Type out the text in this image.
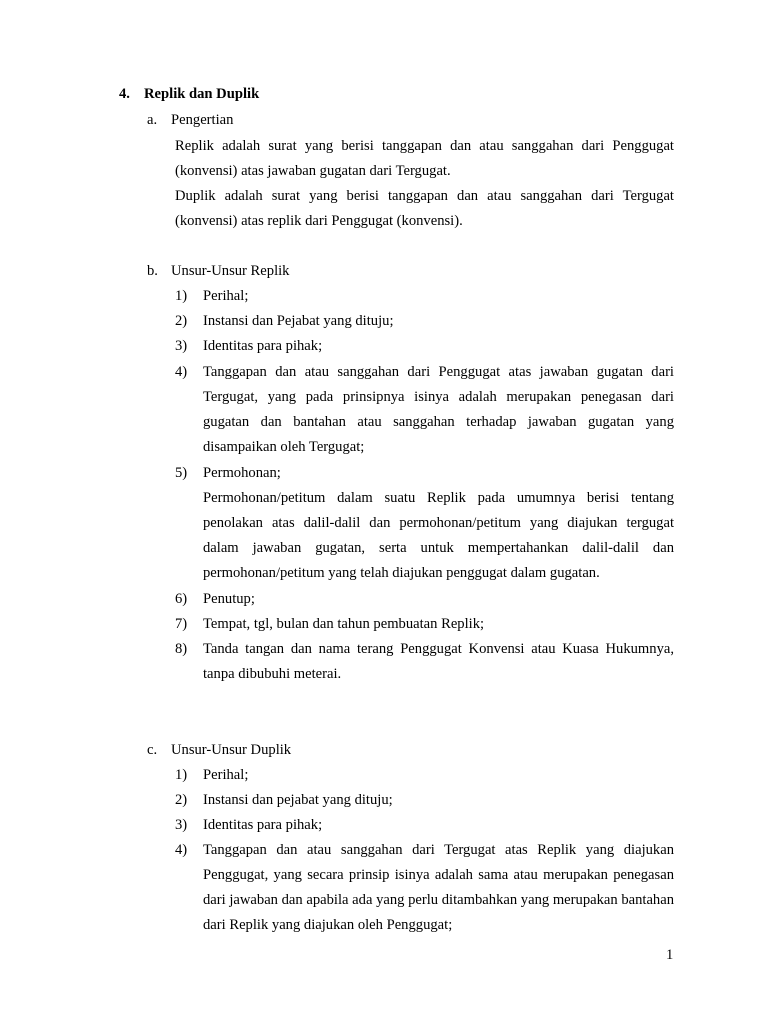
4. Replik dan Duplik
a. Pengertian
Replik adalah surat yang berisi tanggapan dan atau sanggahan dari Penggugat (konvensi) atas jawaban gugatan dari Tergugat.
Duplik adalah surat yang berisi tanggapan dan atau sanggahan dari Tergugat (konvensi) atas replik dari Penggugat (konvensi).
b. Unsur-Unsur Replik
1) Perihal;
2) Instansi dan Pejabat yang dituju;
3) Identitas para pihak;
4) Tanggapan dan atau sanggahan dari Penggugat atas jawaban gugatan dari Tergugat, yang pada prinsipnya isinya adalah merupakan penegasan dari gugatan dan bantahan atau sanggahan terhadap jawaban gugatan yang disampaikan oleh Tergugat;
5) Permohonan;
Permohonan/petitum dalam suatu Replik pada umumnya berisi tentang penolakan atas dalil-dalil dan permohonan/petitum yang diajukan tergugat dalam jawaban gugatan, serta untuk mempertahankan dalil-dalil dan permohonan/petitum yang telah diajukan penggugat dalam gugatan.
6) Penutup;
7) Tempat, tgl, bulan dan tahun pembuatan Replik;
8) Tanda tangan dan nama terang Penggugat Konvensi atau Kuasa Hukumnya, tanpa dibubuhi meterai.
c. Unsur-Unsur Duplik
1) Perihal;
2) Instansi dan pejabat yang dituju;
3) Identitas para pihak;
4) Tanggapan dan atau sanggahan dari Tergugat atas Replik yang diajukan Penggugat, yang secara prinsip isinya adalah sama atau merupakan penegasan dari jawaban dan apabila ada yang perlu ditambahkan yang merupakan bantahan dari Replik yang diajukan oleh Penggugat;
1
